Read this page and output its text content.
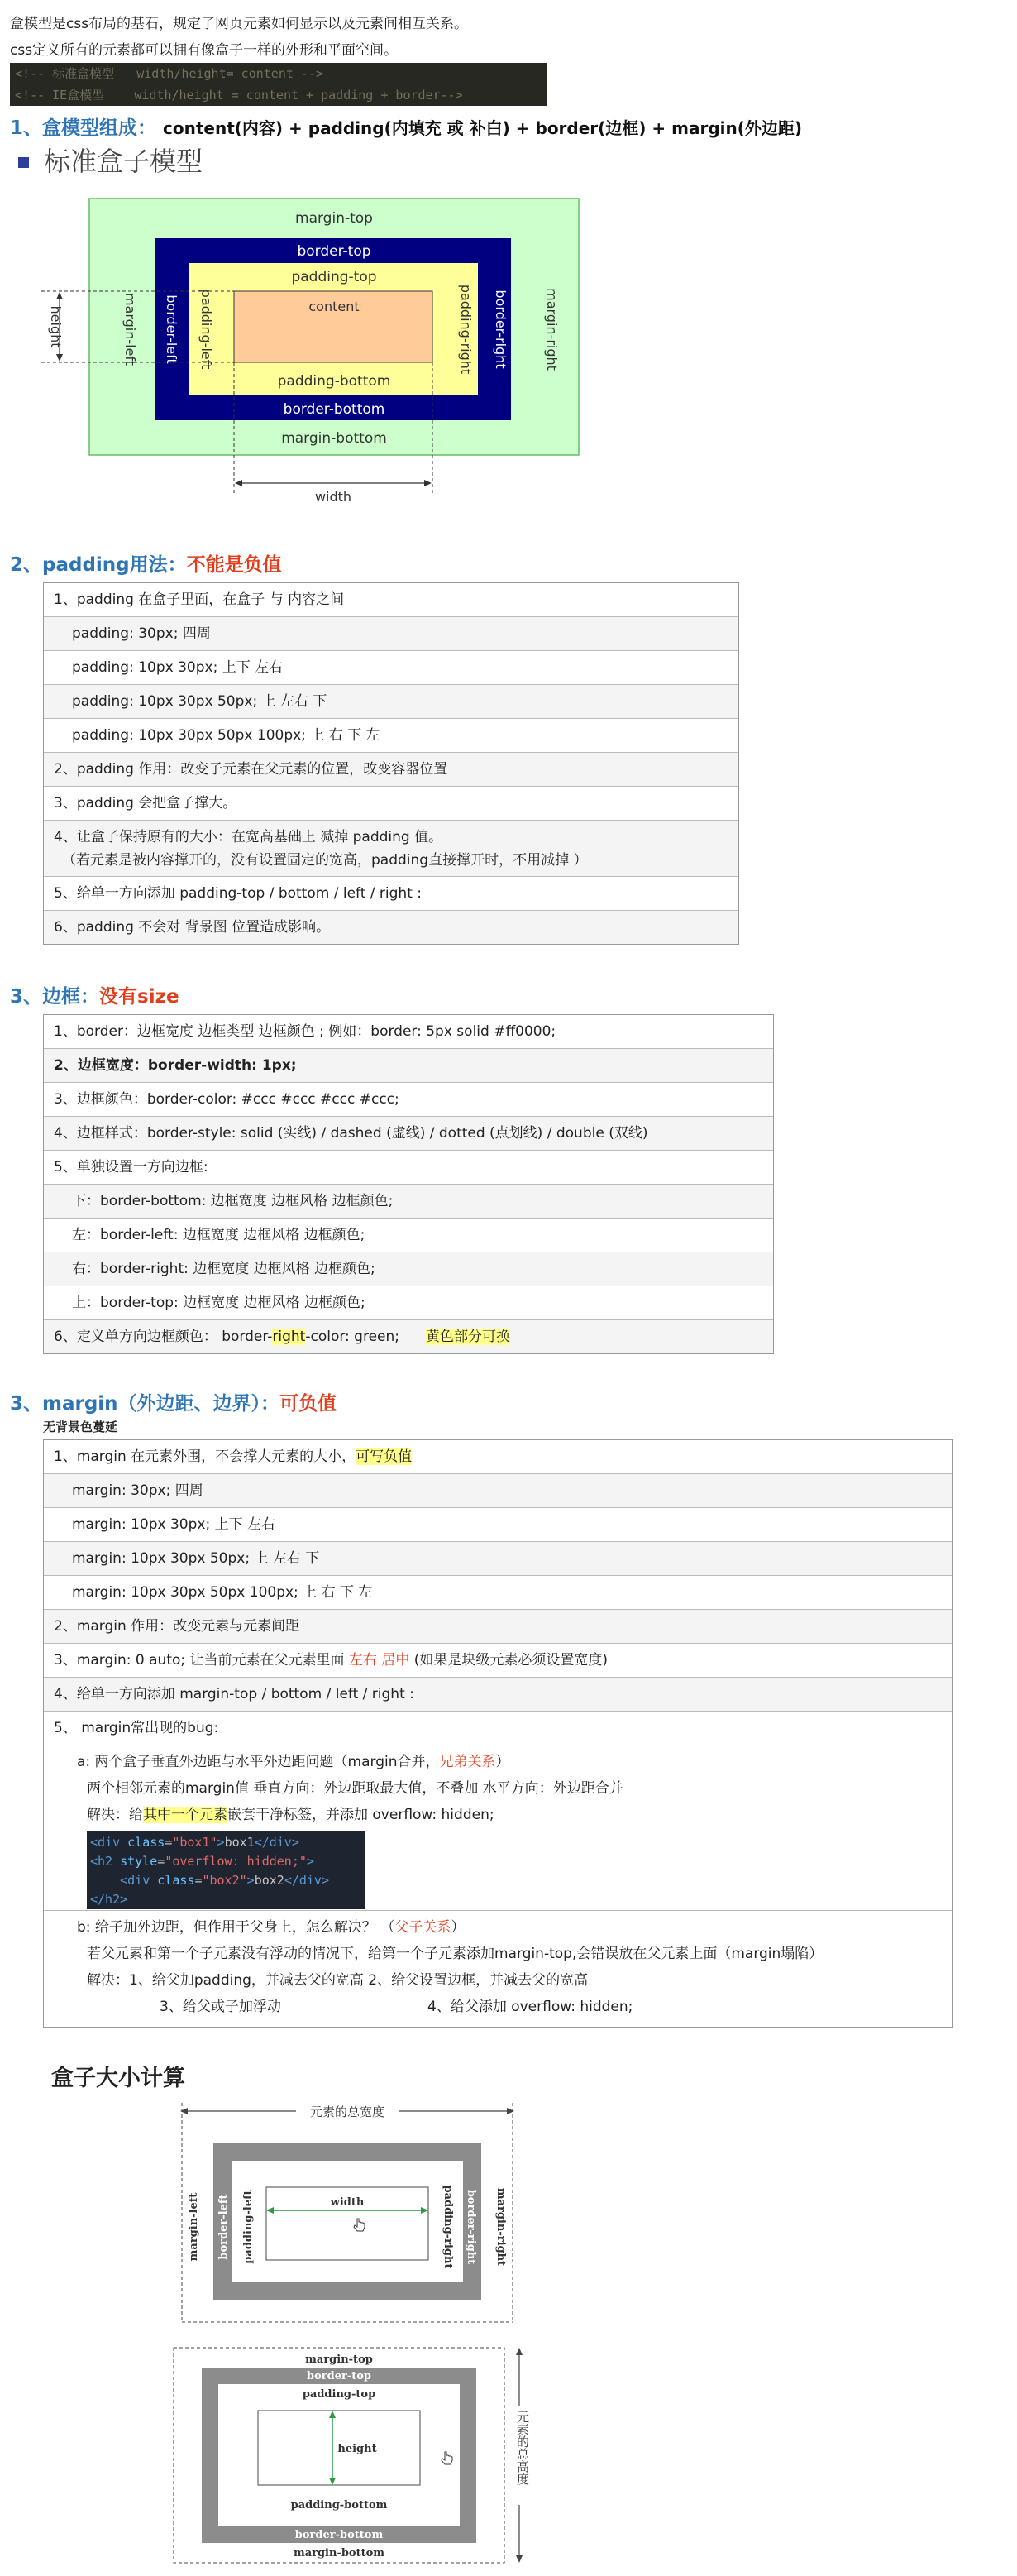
盒模型是css布局的基石，规定了网页元素如何显示以及元素间相互关系。
css定义所有的元素都可以拥有像盒子一样的外形和平面空间。
<!-- 标准盒模型   width/height= content -->
<!-- IE盒模型    width/height = content + padding + border-->
1、盒模型组成： content(内容) + padding(内填充 或 补白) + border(边框) + margin(外边距)
标准盒子模型
margin-top
margin-bottom
border-top
border-bottom
padding-top
padding-bottom
content
margin-left	margin-right
border-left	border-right
padding-left	padding-right
height
width
2、padding用法：不能是负值
1、padding 在盒子里面，在盒子 与 内容之间
padding: 30px; 四周
padding: 10px 30px; 上下 左右
padding: 10px 30px 50px; 上 左右 下
padding: 10px 30px 50px 100px; 上 右 下 左
2、padding 作用：改变子元素在父元素的位置，改变容器位置
3、padding 会把盒子撑大。
4、让盒子保持原有的大小：在宽高基础上 减掉 padding 值。
（若元素是被内容撑开的，没有设置固定的宽高，padding直接撑开时，不用减掉 ）
5、给单一方向添加 padding-top / bottom / left / right :
6、padding 不会对 背景图 位置造成影响。
3、边框：没有size
1、border：边框宽度 边框类型 边框颜色 ; 例如：border: 5px solid #ff0000;
2、边框宽度：border-width: 1px;
3、边框颜色：border-color: #ccc #ccc #ccc #ccc;
4、边框样式：border-style: solid (实线) / dashed (虚线) / dotted (点划线) / double (双线)
5、单独设置一方向边框:
下：border-bottom: 边框宽度 边框风格 边框颜色;
左：border-left: 边框宽度 边框风格 边框颜色;
右：border-right: 边框宽度 边框风格 边框颜色;
上：border-top: 边框宽度 边框风格 边框颜色;
6、定义单方向边框颜色： border-right-color: green; 黄色部分可换
3、margin（外边距、边界）：可负值
无背景色蔓延
1、margin 在元素外围，不会撑大元素的大小，可写负值
margin: 30px; 四周
margin: 10px 30px; 上下 左右
margin: 10px 30px 50px; 上 左右 下
margin: 10px 30px 50px 100px; 上 右 下 左
2、margin 作用：改变元素与元素间距
3、margin: 0 auto; 让当前元素在父元素里面 左右 居中 (如果是块级元素必须设置宽度)
4、给单一方向添加 margin-top / bottom / left / right :
5、 margin常出现的bug:
a: 两个盒子垂直外边距与水平外边距问题（margin合并，兄弟关系）
两个相邻元素的margin值 垂直方向：外边距取最大值，不叠加 水平方向：外边距合并
解决：给其中一个元素嵌套干净标签，并添加 overflow: hidden;
<div class="box1">box1</div>
<h2 style="overflow: hidden;">
<div class="box2">box2</div>
</h2>
b: 给子加外边距，但作用于父身上，怎么解决？ （父子关系）
若父元素和第一个子元素没有浮动的情况下，给第一个子元素添加margin-top,会错误放在父元素上面（margin塌陷）
解决：1、给父加padding，并减去父的宽高 2、给父设置边框，并减去父的宽高
3、给父或子加浮动	4、给父添加 overflow: hidden;
盒子大小计算
元素的总宽度
width
margin-left border-left padding-left	padding-right border-right margin-right
元素的总高度
margin-top
border-top
padding-top
height
padding-bottom
border-bottom
margin-bottom
